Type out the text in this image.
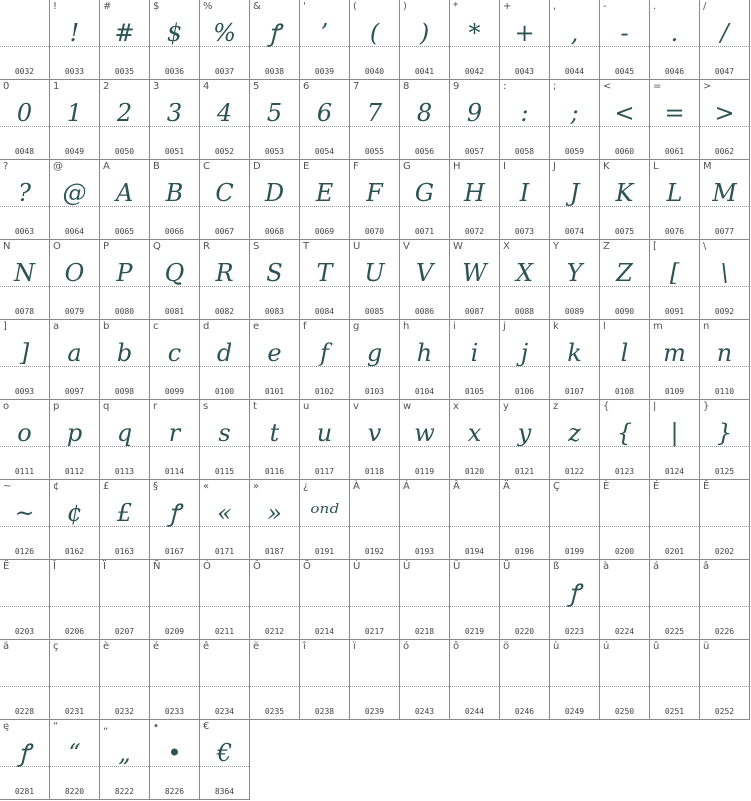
0032
!
!
0033
#
#
0035
$
$
0036
%
%
0037
&
ꝭ
0038
'
’
0039
(
(
0040
)
)
0041
*
*
0042
+
+
0043
,
,
0044
-
-
0045
.
.
0046
/
/
0047
0
0
0048
1
1
0049
2
2
0050
3
3
0051
4
4
0052
5
5
0053
6
6
0054
7
7
0055
8
8
0056
9
9
0057
:
:
0058
;
;
0059
<
<
0060
=
=
0061
>
>
0062
?
?
0063
@
@
0064
A
A
0065
B
B
0066
C
C
0067
D
D
0068
E
E
0069
F
F
0070
G
G
0071
H
H
0072
I
I
0073
J
J
0074
K
K
0075
L
L
0076
M
M
0077
N
N
0078
O
O
0079
P
P
0080
Q
Q
0081
R
R
0082
S
S
0083
T
T
0084
U
U
0085
V
V
0086
W
W
0087
X
X
0088
Y
Y
0089
Z
Z
0090
[
[
0091
\
\
0092
]
]
0093
a
a
0097
b
b
0098
c
c
0099
d
d
0100
e
e
0101
f
f
0102
g
g
0103
h
h
0104
i
i
0105
j
j
0106
k
k
0107
l
l
0108
m
m
0109
n
n
0110
o
o
0111
p
p
0112
q
q
0113
r
r
0114
s
s
0115
t
t
0116
u
u
0117
v
v
0118
w
w
0119
x
x
0120
y
y
0121
z
z
0122
{
{
0123
|
|
0124
}
}
0125
~
~
0126
¢
¢
0162
£
£
0163
§
ꝭ
0167
«
«
0171
»
»
0187
¿
ᵒⁿᵈ
0191
À
0192
Á
0193
Â
0194
Ä
0196
Ç
0199
È
0200
É
0201
Ê
0202
Ë
0203
Î
0206
Ï
0207
Ñ
0209
Ó
0211
Ô
0212
Ö
0214
Ù
0217
Ú
0218
Û
0219
Ü
0220
ß
ꝭ
0223
à
0224
á
0225
â
0226
ä
0228
ç
0231
è
0232
é
0233
ê
0234
ë
0235
î
0238
ï
0239
ó
0243
ô
0244
ö
0246
ù
0249
ú
0250
û
0251
ü
0252
ę
ꝭ
0281
“
“
8220
„
„
8222
•
•
8226
€
€
8364
